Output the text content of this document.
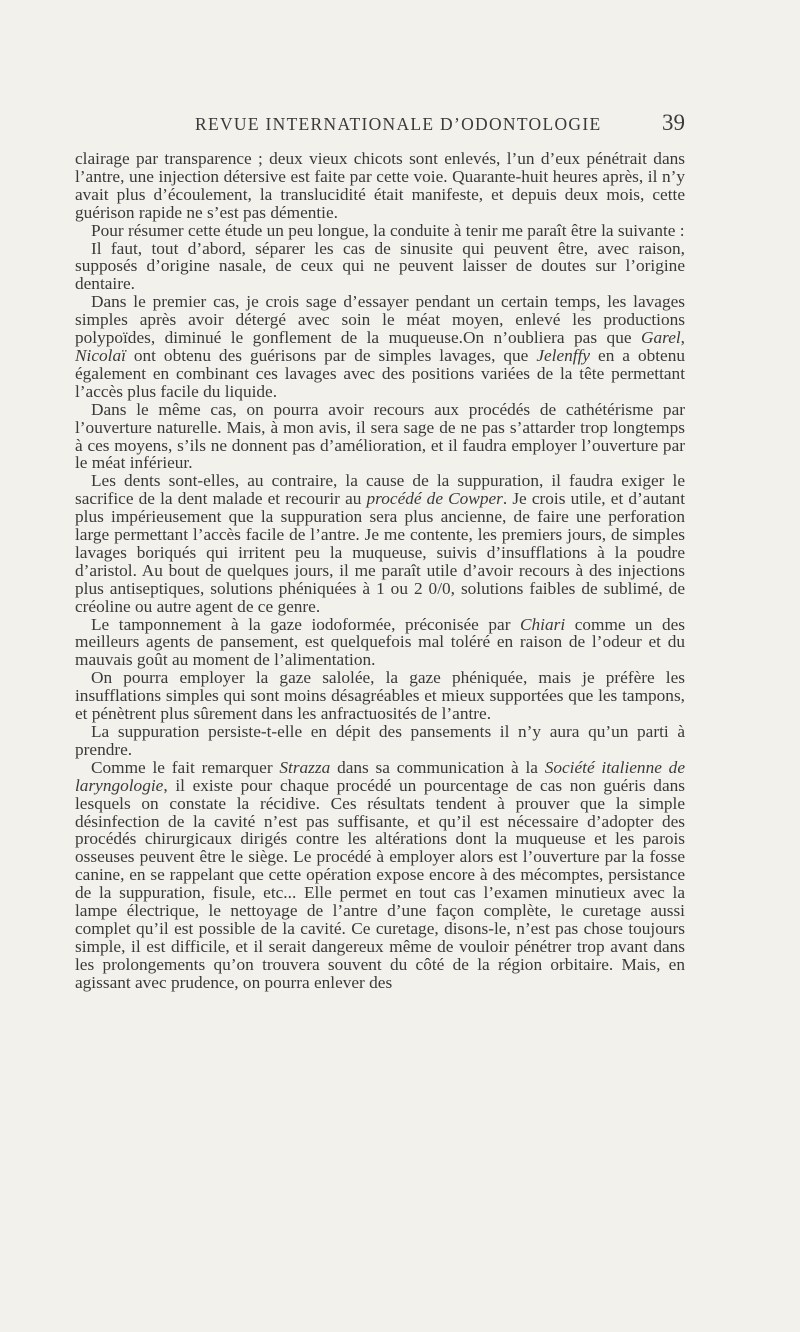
REVUE INTERNATIONALE D’ODONTOLOGIE	39

clairage par transparence ; deux vieux chicots sont enlevés, l’un d’eux pénétrait dans l’antre, une injection détersive est faite par cette voie. Quarante-huit heures après, il n’y avait plus d’écoulement, la translucidité était manifeste, et depuis deux mois, cette guérison rapide ne s’est pas démentie.

Pour résumer cette étude un peu longue, la conduite à tenir me paraît être la suivante :

Il faut, tout d’abord, séparer les cas de sinusite qui peuvent être, avec raison, supposés d’origine nasale, de ceux qui ne peuvent laisser de doutes sur l’origine dentaire.

Dans le premier cas, je crois sage d’essayer pendant un certain temps, les lavages simples après avoir détergé avec soin le méat moyen, enlevé les productions polypoïdes, diminué le gonflement de la muqueuse.On n’oubliera pas que Garel, Nicolaï ont obtenu des guérisons par de simples lavages, que Jelenffy en a obtenu également en combinant ces lavages avec des positions variées de la tête permettant l’accès plus facile du liquide.

Dans le même cas, on pourra avoir recours aux procédés de cathétérisme par l’ouverture naturelle. Mais, à mon avis, il sera sage de ne pas s’attarder trop longtemps à ces moyens, s’ils ne donnent pas d’amélioration, et il faudra employer l’ouverture par le méat inférieur.

Les dents sont-elles, au contraire, la cause de la suppuration, il faudra exiger le sacrifice de la dent malade et recourir au procédé de Cowper. Je crois utile, et d’autant plus impérieusement que la suppuration sera plus ancienne, de faire une perforation large permettant l’accès facile de l’antre. Je me contente, les premiers jours, de simples lavages boriqués qui irritent peu la muqueuse, suivis d’insufflations à la poudre d’aristol. Au bout de quelques jours, il me paraît utile d’avoir recours à des injections plus antiseptiques, solutions phéniquées à 1 ou 2 0/0, solutions faibles de sublimé, de créoline ou autre agent de ce genre.

Le tamponnement à la gaze iodoformée, préconisée par Chiari comme un des meilleurs agents de pansement, est quelquefois mal toléré en raison de l’odeur et du mauvais goût au moment de l’alimentation.

On pourra employer la gaze salolée, la gaze phéniquée, mais je préfère les insufflations simples qui sont moins désagréables et mieux supportées que les tampons, et pénètrent plus sûrement dans les anfractuosités de l’antre.

La suppuration persiste-t-elle en dépit des pansements il n’y aura qu’un parti à prendre.

Comme le fait remarquer Strazza dans sa communication à la Société italienne de laryngologie, il existe pour chaque procédé un pourcentage de cas non guéris dans lesquels on constate la récidive. Ces résultats tendent à prouver que la simple désinfection de la cavité n’est pas suffisante, et qu’il est nécessaire d’adopter des procédés chirurgicaux dirigés contre les altérations dont la muqueuse et les parois osseuses peuvent être le siège. Le procédé à employer alors est l’ouverture par la fosse canine, en se rappelant que cette opération expose encore à des mécomptes, persistance de la suppuration, fisule, etc... Elle permet en tout cas l’examen minutieux avec la lampe électrique, le nettoyage de l’antre d’une façon complète, le curetage aussi complet qu’il est possible de la cavité. Ce curetage, disons-le, n’est pas chose toujours simple, il est difficile, et il serait dangereux même de vouloir pénétrer trop avant dans les prolongements qu’on trouvera souvent du côté de la région orbitaire. Mais, en agissant avec prudence, on pourra enlever des
